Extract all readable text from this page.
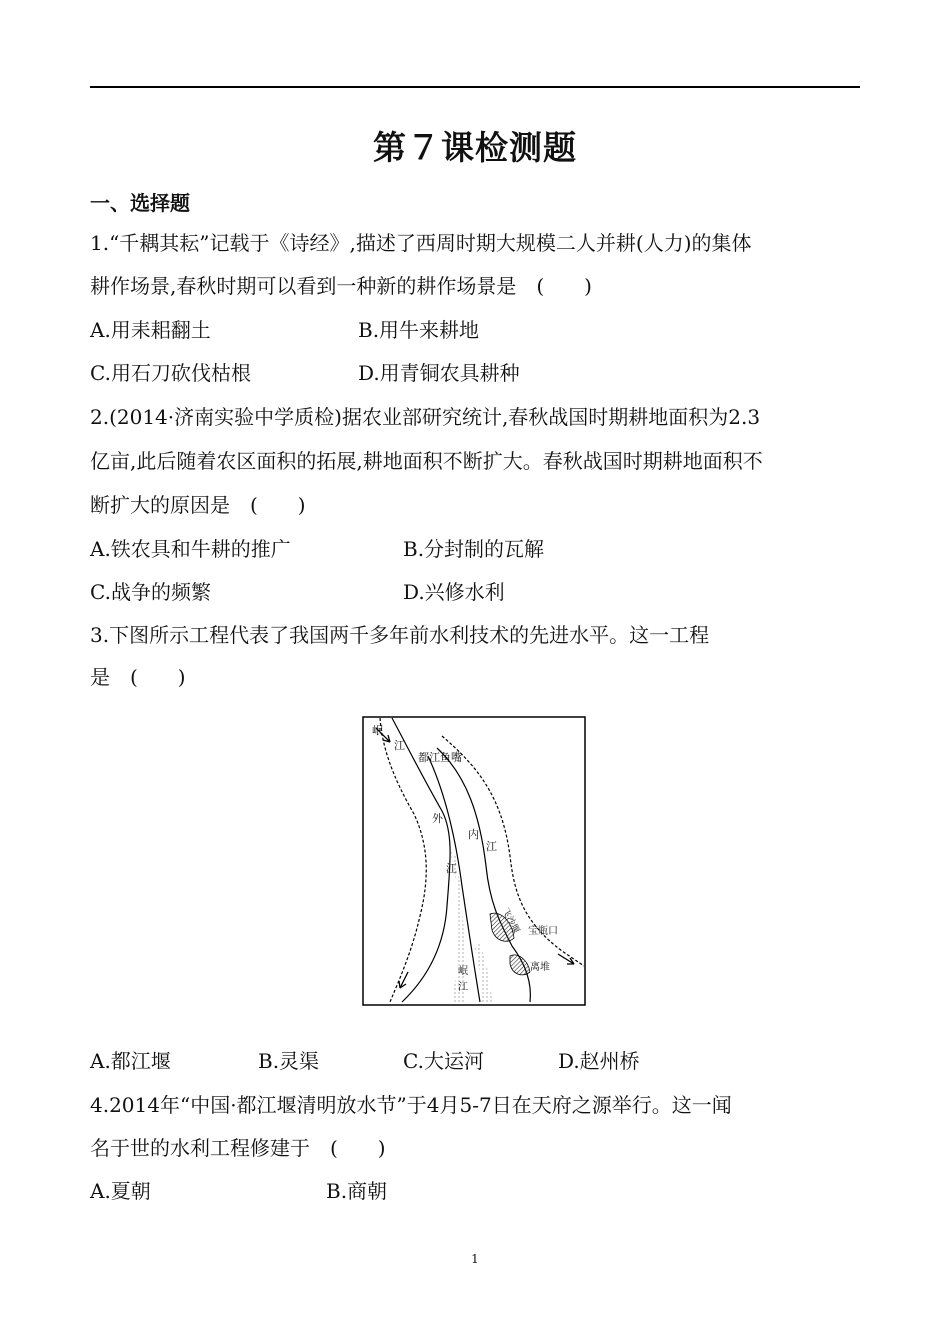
第７课检测题
一、选择题
1.“千耦其耘”记载于《诗经》,描述了西周时期大规模二人并耕(人力)的集体
耕作场景,春秋时期可以看到一种新的耕作场景是　(　　)
A.用耒耜翻土	B.用牛来耕地
C.用石刀砍伐枯根	D.用青铜农具耕种
2.(2014·济南实验中学质检)据农业部研究统计,春秋战国时期耕地面积为2.3
亿亩,此后随着农区面积的拓展,耕地面积不断扩大。春秋战国时期耕地面积不
断扩大的原因是　(　　)
A.铁农具和牛耕的推广	B.分封制的瓦解
C.战争的频繁	D.兴修水利
3.下图所示工程代表了我国两千多年前水利技术的先进水平。这一工程
是　(　　)
岷
江
都江鱼嘴
内
江
外
江
飞沙堰 宝瓶口
离堆
岷
江
A.都江堰	B.灵渠	C.大运河	D.赵州桥
4.2014年“中国·都江堰清明放水节”于4月5-7日在天府之源举行。这一闻
名于世的水利工程修建于　(　　)
A.夏朝	B.商朝
1
